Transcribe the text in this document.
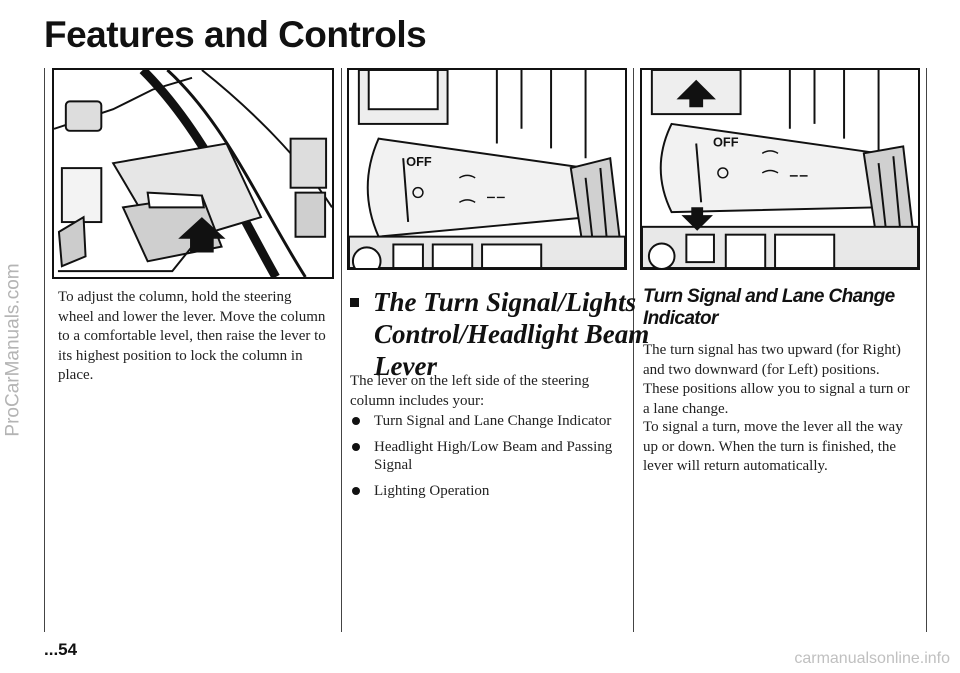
Features and Controls
ProCarManuals.com
OFF
OFF

To adjust the column, hold the steering wheel and lower the lever. Move the column to a comfortable level, then raise the lever to its highest position to lock the column in place.

The Turn Signal/Lights Control/Headlight Beam Lever

The lever on the left side of the steering column includes your:

Turn Signal and Lane Change Indicator
Headlight High/Low Beam and Passing Signal
Lighting Operation
Turn Signal and Lane Change Indicator

The turn signal has two upward (for Right) and two downward (for Left) positions. These positions allow you to signal a turn or a lane change.

To signal a turn, move the lever all the way up or down. When the turn is finished, the lever will return automatically.

...54	carmanualsonline.info
